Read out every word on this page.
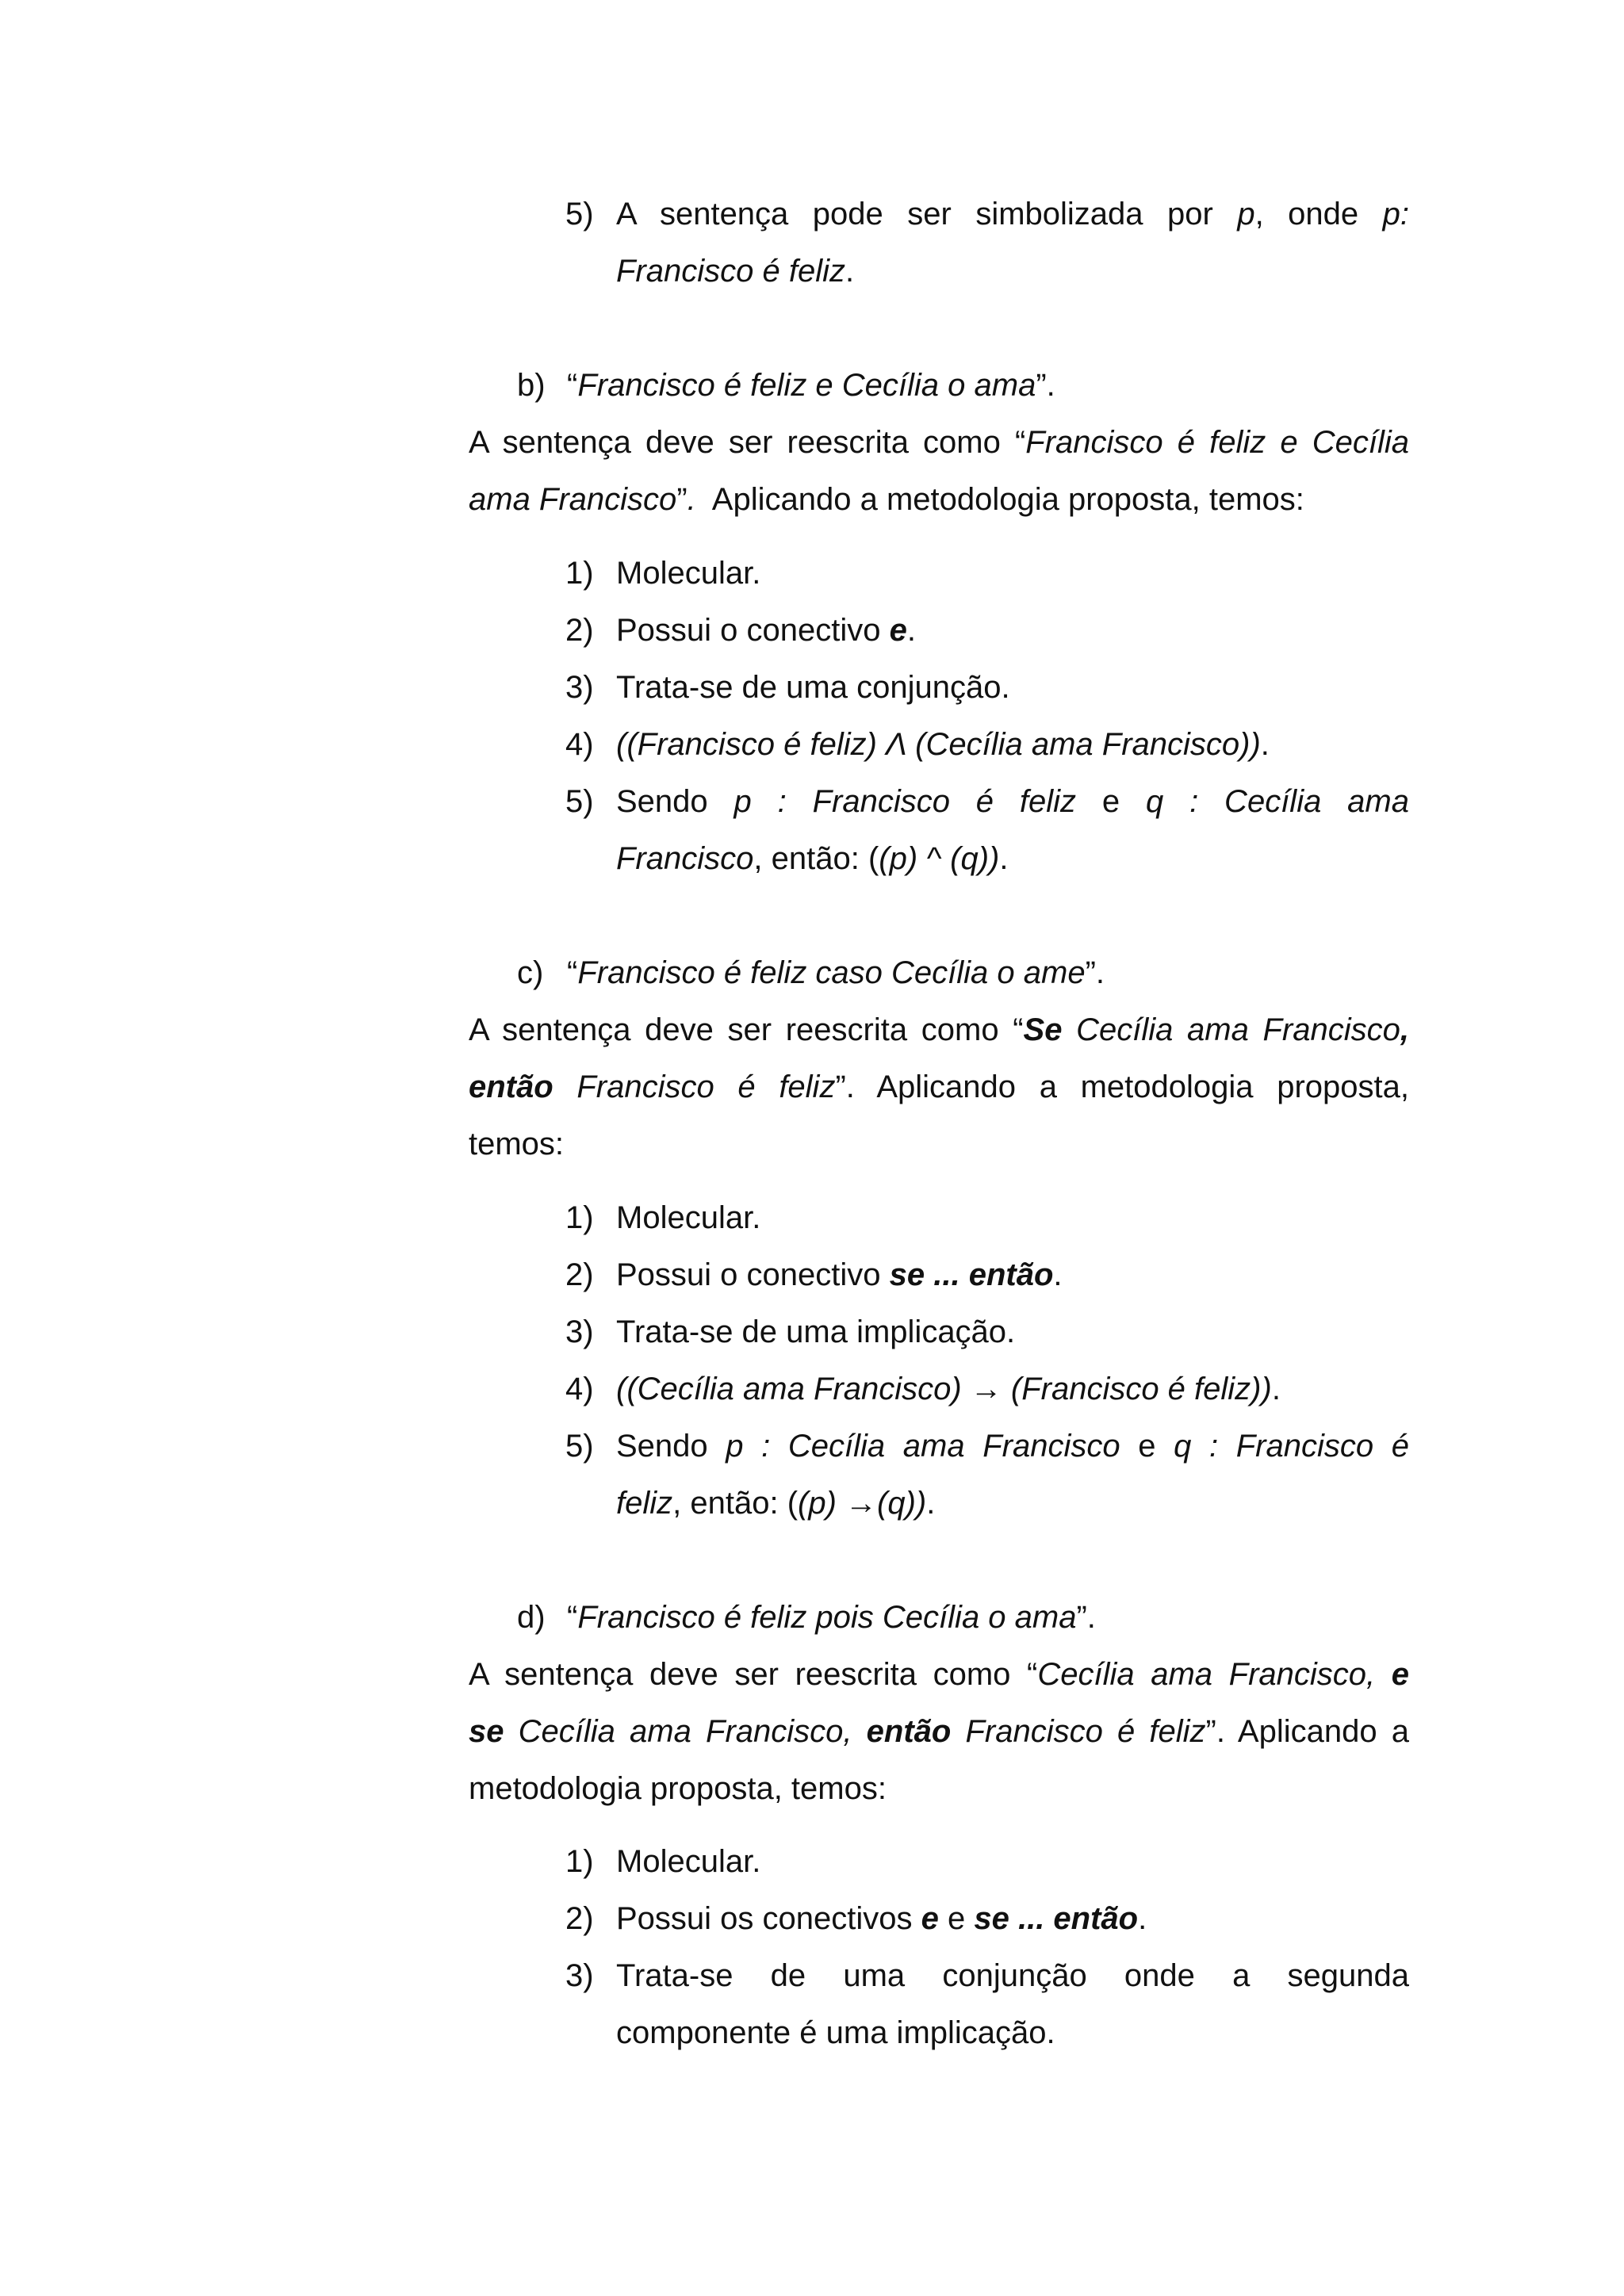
5) A sentença pode ser simbolizada por p, onde p:
Francisco é feliz.
b) “Francisco é feliz e Cecília o ama”.
A sentença deve ser reescrita como “Francisco é feliz e Cecília
ama Francisco”.  Aplicando a metodologia proposta, temos:
1) Molecular.
2) Possui o conectivo e.
3) Trata-se de uma conjunção.
4) ((Francisco é feliz) Λ (Cecília ama Francisco)).
5) Sendo p : Francisco é feliz e q : Cecília ama
Francisco, então: ((p) ^ (q)).
c) “Francisco é feliz caso Cecília o ame”.
A sentença deve ser reescrita como “Se Cecília ama Francisco,
então Francisco é feliz”. Aplicando a metodologia proposta,
temos:
1) Molecular.
2) Possui o conectivo se ... então.
3) Trata-se de uma implicação.
4) ((Cecília ama Francisco) → (Francisco é feliz)).
5) Sendo p : Cecília ama Francisco e q : Francisco é
feliz, então: ((p) →(q)).
d) “Francisco é feliz pois Cecília o ama”.
A sentença deve ser reescrita como “Cecília ama Francisco, e
se Cecília ama Francisco, então Francisco é feliz”. Aplicando a
metodologia proposta, temos:
1) Molecular.
2) Possui os conectivos e e se ... então.
3) Trata-se de uma conjunção onde a segunda
componente é uma implicação.
